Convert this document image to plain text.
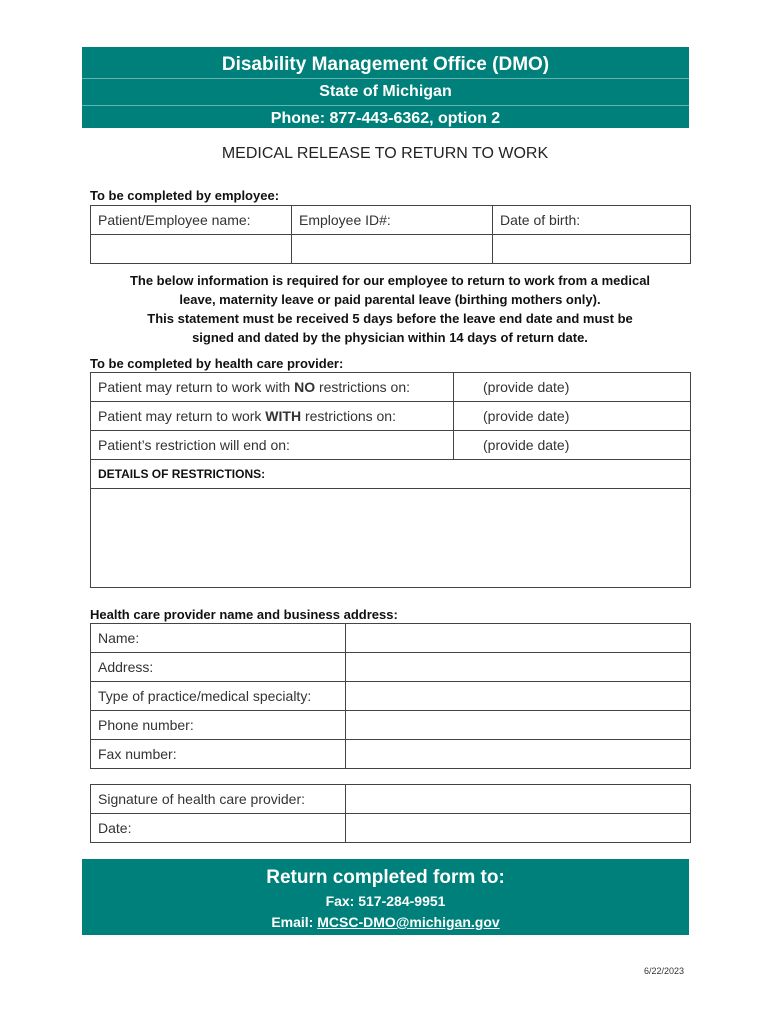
Disability Management Office (DMO)
State of Michigan
Phone: 877-443-6362, option 2
MEDICAL RELEASE TO RETURN TO WORK
To be completed by employee:
Patient/Employee name:	Employee ID#:	Date of birth:

The below information is required for our employee to return to work from a medical
leave, maternity leave or paid parental leave (birthing mothers only).
This statement must be received 5 days before the leave end date and must be
signed and dated by the physician within 14 days of return date.
To be completed by health care provider:
Patient may return to work with NO restrictions on:	(provide date)
Patient may return to work WITH restrictions on:	(provide date)
Patient’s restriction will end on:	(provide date)
DETAILS OF RESTRICTIONS:	

Health care provider name and business address:
Name:	
Address:	
Type of practice/medical specialty:	
Phone number:	
Fax number:	
Signature of health care provider:	
Date:	
Return completed form to:
Fax: 517-284-9951
Email: MCSC-DMO@michigan.gov
6/22/2023
